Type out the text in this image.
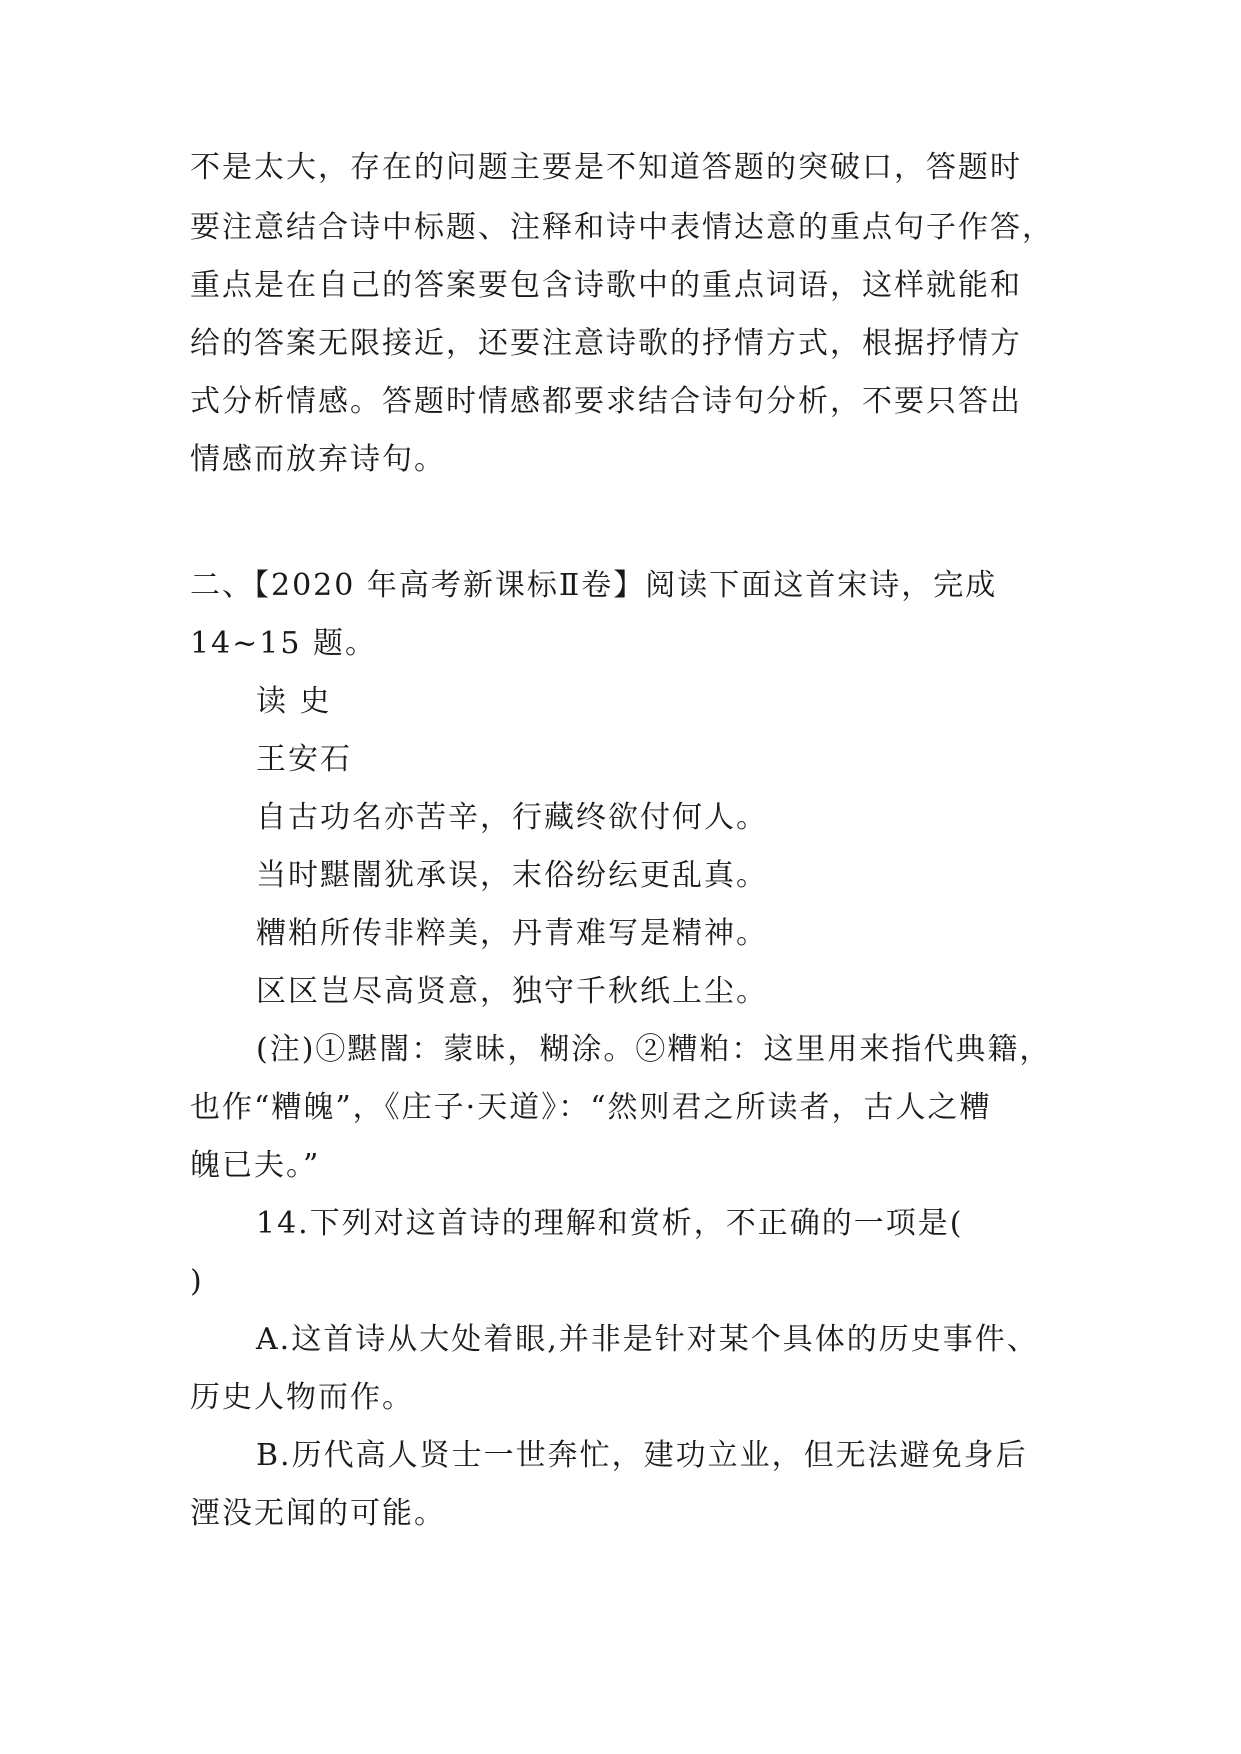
不是太大，存在的问题主要是不知道答题的突破口，答题时
要注意结合诗中标题、注释和诗中表情达意的重点句子作答，
重点是在自己的答案要包含诗歌中的重点词语，这样就能和
给的答案无限接近，还要注意诗歌的抒情方式，根据抒情方
式分析情感。答题时情感都要求结合诗句分析，不要只答出
情感而放弃诗句。
二、【2020 年高考新课标Ⅱ卷】阅读下面这首宋诗，完成
14~15 题。
读 史
王安石
自古功名亦苦辛，行藏终欲付何人。
当时黮闇犹承误，末俗纷纭更乱真。
糟粕所传非粹美，丹青难写是精神。
区区岂尽高贤意，独守千秋纸上尘。
(注)①黮闇：蒙昧，糊涂。②糟粕：这里用来指代典籍，
也作“糟魄”，《庄子·天道》：“然则君之所读者，古人之糟
魄已夫。”
14.下列对这首诗的理解和赏析，不正确的一项是(
)
A.这首诗从大处着眼,并非是针对某个具体的历史事件、
历史人物而作。
B.历代高人贤士一世奔忙，建功立业，但无法避免身后
湮没无闻的可能。
